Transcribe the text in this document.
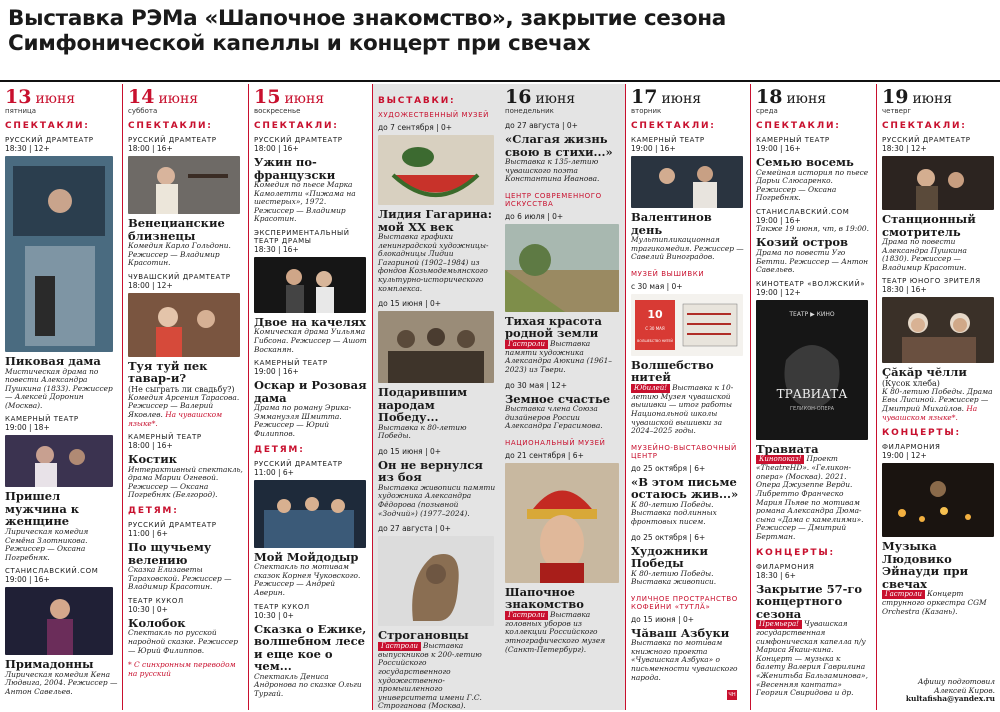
Выставка РЭМа «Шапочное знакомство», закрытие сезона
Симфонической капеллы и концерт при свечах
13 июня
пятница
СПЕКТАКЛИ:
РУССКИЙ ДРАМТЕАТР
18:30 | 12+
Пиковая дама
Мистическая драма по повести Александра Пушкина (1833). Режиссер — Алексей Доронин (Москва).
КАМЕРНЫЙ ТЕАТР
19:00 | 18+
Пришел мужчина к женщине
Лирическая комедия Семёна Злотникова. Режиссер — Оксана Погребняк.
СТАНИСЛАВСКИЙ.COM
19:00 | 16+
Примадонны
Лирическая комедия Кена Людвига, 2004. Режиссер — Антон Савельев.
14 июня
суббота
СПЕКТАКЛИ:
РУССКИЙ ДРАМТЕАТР
18:00 | 16+
Венецианские близнецы
Комедия Карло Гольдони. Режиссер — Владимир Красотин.
ЧУВАШСКИЙ ДРАМТЕАТР
18:00 | 12+
Туя туй пек тавар-и?
(Не сыграть ли свадьбу?)
Комедия Арсения Тарасова. Режиссер — Валерий Яковлев. На чувашском языке*.
КАМЕРНЫЙ ТЕАТР
18:00 | 16+
Костик
Интерактивный спектакль, драма Марии Огневой. Режиссер — Оксана Погребняк (Белгород).
ДЕТЯМ:
РУССКИЙ ДРАМТЕАТР
11:00 | 6+
По щучьему велению
Сказка Елизаветы Тараховской. Режиссер — Владимир Красотин.
ТЕАТР КУКОЛ
10:30 | 0+
Колобок
Спектакль по русской народной сказке. Режиссер — Юрий Филиппов.
* С синхронным переводом на русский
15 июня
воскресенье
СПЕКТАКЛИ:
РУССКИЙ ДРАМТЕАТР
18:00 | 16+
Ужин по-французски
Комедия по пьесе Марка Камолетти «Пижама на шестерых», 1972. Режиссер — Владимир Красотин.
ЭКСПЕРИМЕНТАЛЬНЫЙ ТЕАТР ДРАМЫ
18:30 | 16+
Двое на качелях
Комическая драма Уильяма Гибсона. Режиссер — Ашот Восканян.
КАМЕРНЫЙ ТЕАТР
19:00 | 16+
Оскар и Розовая дама
Драма по роману Эрика-Эммануэля Шмитта. Режиссер — Юрий Филиппов.
ДЕТЯМ:
РУССКИЙ ДРАМТЕАТР
11:00 | 6+
Мой Мойдодыр
Спектакль по мотивам сказок Корнея Чуковского. Режиссер — Андрей Аверин.
ТЕАТР КУКОЛ
10:30 | 0+
Сказка о Ежике, волшебном лесе и еще кое о чем...
Спектакль Дениса Андронова по сказке Ольги Тургай.
ВЫСТАВКИ:
ХУДОЖЕСТВЕННЫЙ МУЗЕЙ
до 7 сентября | 0+
Лидия Гагарина: мой XX век
Выставка графики ленинградской художницы-блокадницы Лидии Гагариной (1902–1984) из фондов Козьмодемьянского культурно-исторического комплекса.
до 15 июня | 0+
Подарившим народам Победу...
Выставка к 80-летию Победы.
до 15 июня | 0+
Он не вернулся из боя
Выставка живописи памяти художника Александра Фёдорова (позывной «Зодчий») (1977–2024).
до 27 августа | 0+
Строгановцы
Гастроли Выставка выпускников к 200-летию Российского государственного художественно-промышленного университета имени Г.С. Строганова (Москва).
16 июня
понедельник
до 27 августа | 0+
«Слагая жизнь свою в стихи...»
Выставка к 135-летию чувашского поэта Константина Иванова.
ЦЕНТР СОВРЕМЕННОГО ИСКУССТВА
до 6 июля | 0+
Тихая красота родной земли
Гастроли Выставка памяти художника Александра Аюкина (1961–2023) из Твери.
до 30 мая | 12+
Земное счастье
Выставка члена Союза дизайнеров России Александра Герасимова.
НАЦИОНАЛЬНЫЙ МУЗЕЙ
до 21 сентября | 6+
Шапочное знакомство
Гастроли Выставка головных уборов из коллекции Российского этнографического музея (Санкт-Петербург).
17 июня
вторник
СПЕКТАКЛИ:
КАМЕРНЫЙ ТЕАТР
19:00 | 16+
Валентинов день
Мультипликационная трагикомедия. Режиссер — Савелий Виноградов.
МУЗЕЙ ВЫШИВКИ
с 30 мая | 0+
10
С 30 МАЯ
ВОЛШЕБСТВО НИТЕЙ
Волшебство нитей
Юбилей! Выставка к 10-летию Музея чувашской вышивки — итог работы Национальной школы чувашской вышивки за 2024–2025 годы.
МУЗЕЙНО-ВЫСТАВОЧНЫЙ ЦЕНТР
до 25 октября | 6+
«В этом письме остаюсь жив...»
К 80-летию Победы. Выставка подлинных фронтовых писем.
до 25 октября | 6+
Художники Победы
К 80-летию Победы. Выставка живописи.
УЛИЧНОЕ ПРОСТРАНСТВО КОФЕЙНИ «ТУТЛĂ»
до 15 июня | 0+
Чăваш Азбуки
Выставка по мотивам книжного проекта «Чувашская Азбука» о письменности чувашского народа.
ЧН
18 июня
среда
СПЕКТАКЛИ:
КАМЕРНЫЙ ТЕАТР
19:00 | 16+
Семью восемь
Семейная история по пьесе Дарьи Слюсаренко. Режиссер — Оксана Погребняк.
СТАНИСЛАВСКИЙ.COM
19:00 | 16+
Также 19 июня, чт, в 19:00.
Козий остров
Драма по повести Уго Бетти. Режиссер — Антон Савельев.
КИНОТЕАТР «ВОЛЖСКИЙ»
19:00 | 12+
ТЕАТР ▶ КИНО
ТРАВИАТА
ГЕЛИКОН-ОПЕРА
Травиата
Кинопоказ! Проект «TheatreHD». «Геликон-опера» (Москва). 2021. Опера Джузеппе Верди. Либретто Франческо Мария Пьяве по мотивам романа Александра Дюма-сына «Дама с камелиями». Режиссер — Дмитрий Бертман.
КОНЦЕРТЫ:
ФИЛАРМОНИЯ
18:30 | 6+
Закрытие 57-го концертного сезона
Премьера! Чувашская государственная симфоническая капелла п/у Мариса Якаш-кина. Концерт — музыка к балету Валерия Гаврилина «Женитьба Бальзаминова», «Весенняя кантата» Георгия Свиридова и др.
19 июня
четверг
СПЕКТАКЛИ:
РУССКИЙ ДРАМТЕАТР
18:30 | 12+
Станционный смотритель
Драма по повести Александра Пушкина (1830). Режиссер — Владимир Красотин.
ТЕАТР ЮНОГО ЗРИТЕЛЯ
18:30 | 16+
Çăкăр чĕлли
(Кусок хлеба)
К 80-летию Победы. Драма Евы Лисиной. Режиссер — Дмитрий Михайлов. На чувашском языке*.
КОНЦЕРТЫ:
ФИЛАРМОНИЯ
19:00 | 12+
Музыка Людовико Эйнауди при свечах
Гастроли Концерт струнного оркестра CGM Orchestra (Казань).
Афишу подготовил
Алексей Киров.
kultafisha@yandex.ru
